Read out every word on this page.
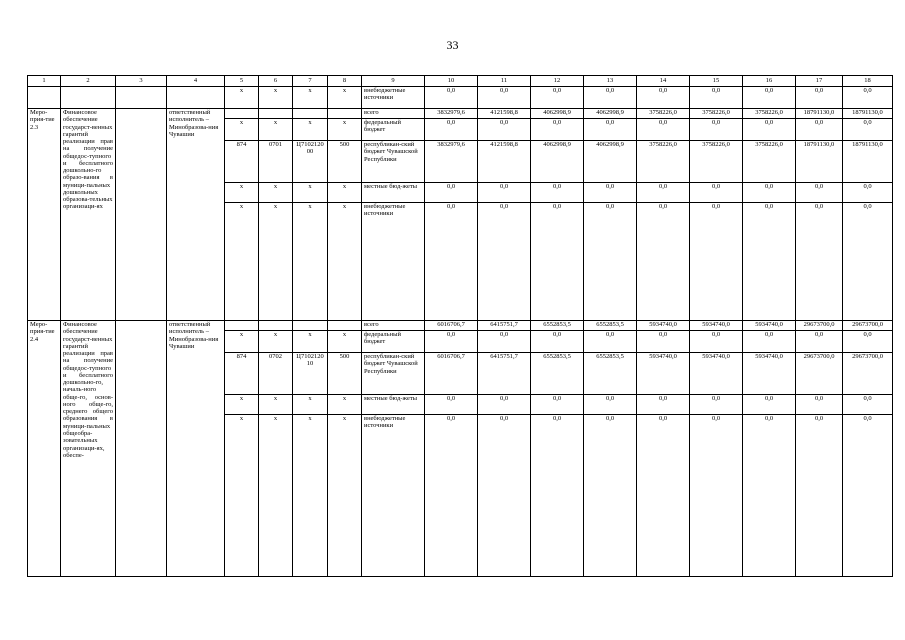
33
1	2	3	4	5	6	7	8	9	10	11	12	13	14	15	16	17	18
				х	х	х	х	внебюджетные источники	0,0	0,0	0,0	0,0	0,0	0,0	0,0	0,0	0,0
Меро-прия-тие 2.3	Финансовое обеспечение государст-венных гарантий реализации прав на получение общедос-тупного и бесплатного дошкольно-го образо-вания в муници-пальных дошкольных образова-тельных организаци-ях		ответственный исполнитель – Минобразова-ния Чувашии					всего	3832979,6	4121598,8	4062998,9	4062998,9	3758226,0	3758226,0	3758226,0	18791130,0	18791130,0
				х	х	х	х	федеральный бюджет	0,0	0,0	0,0	0,0	0,0	0,0	0,0	0,0	0,0
				874	0701	Ц710212000	500	республикан-ский бюджет Чувашской Республики	3832979,6	4121598,8	4062998,9	4062998,9	3758226,0	3758226,0	3758226,0	18791130,0	18791130,0
				х	х	х	х	местные бюд-жеты	0,0	0,0	0,0	0,0	0,0	0,0	0,0	0,0	0,0
				х	х	х	х	внебюджетные источники	0,0	0,0	0,0	0,0	0,0	0,0	0,0	0,0	0,0
Меро-прия-тие 2.4	Финансовое обеспечение государст-венных гарантий реализации прав на получение общедос-тупного и бесплатного дошкольно-го, началь-ного обще-го, основ-ного обще-го, среднего общего образования в муници-пальных общеобра-зовательных организаци-ях, обеспе-		ответственный исполнитель – Минобразова-ния Чувашии					всего	6016706,7	6415751,7	6552853,5	6552853,5	5934740,0	5934740,0	5934740,0	29673700,0	29673700,0
				х	х	х	х	федеральный бюджет	0,0	0,0	0,0	0,0	0,0	0,0	0,0	0,0	0,0
				874	0702	Ц710212010	500	республикан-ский бюджет Чувашской Республики	6016706,7	6415751,7	6552853,5	6552853,5	5934740,0	5934740,0	5934740,0	29673700,0	29673700,0
				х	х	х	х	местные бюд-жеты	0,0	0,0	0,0	0,0	0,0	0,0	0,0	0,0	0,0
				х	х	х	х	внебюджетные источники	0,0	0,0	0,0	0,0	0,0	0,0	0,0	0,0	0,0
